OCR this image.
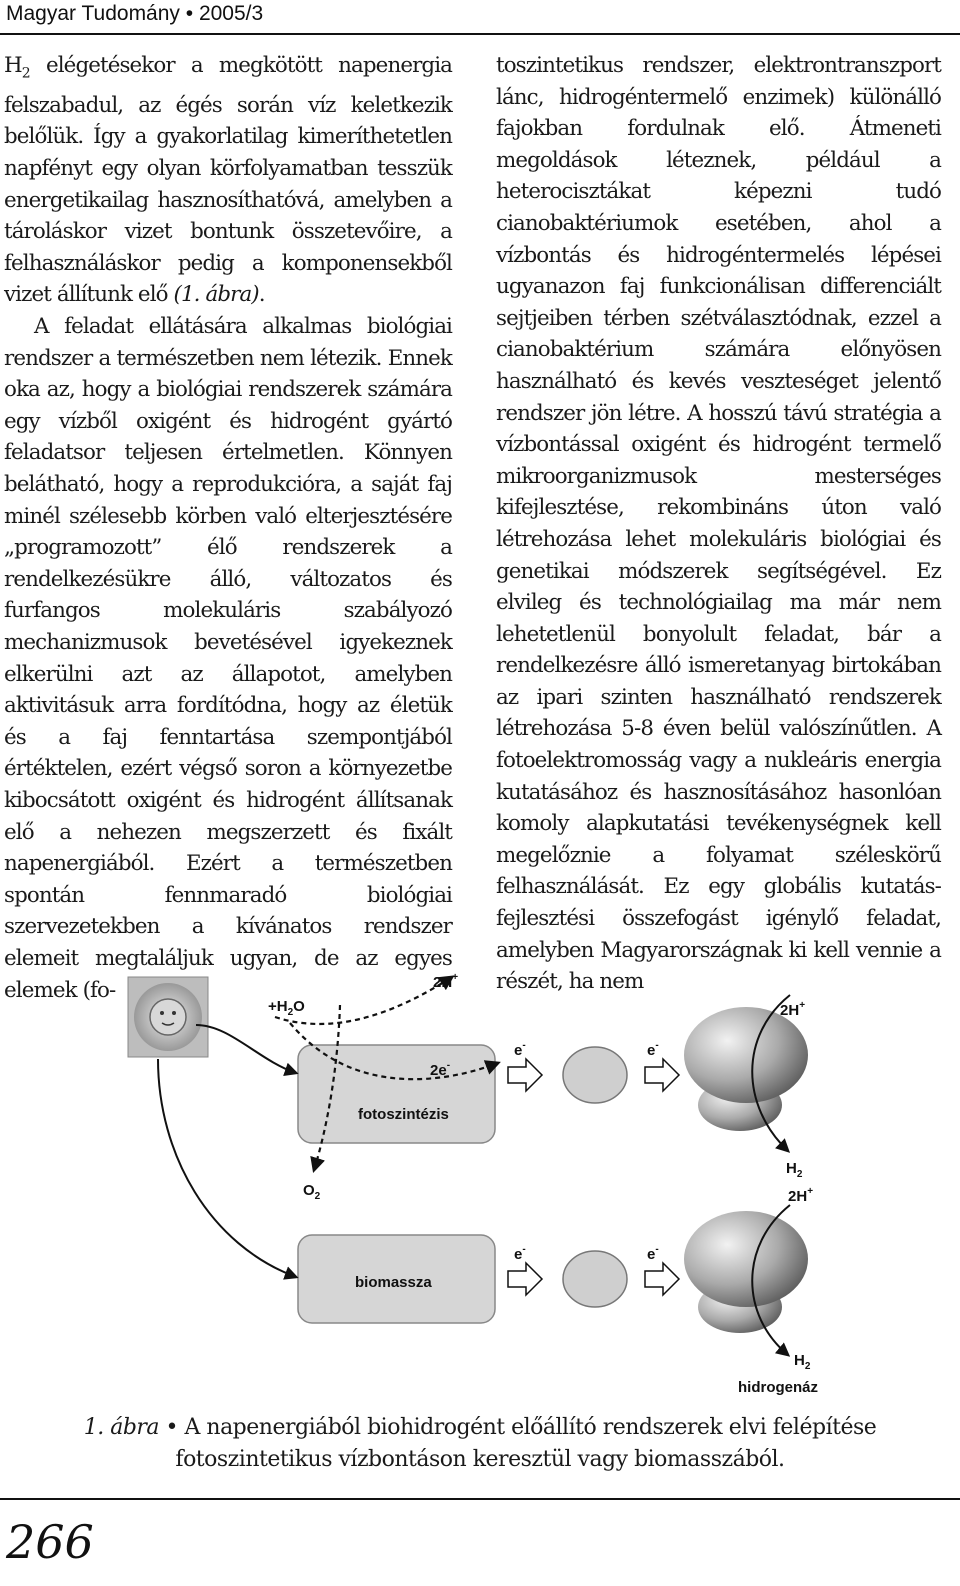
Magyar Tudomány • 2005/3

$H_2$ elégetésekor a megkötött napenergia felszabadul, az égés során víz keletkezik belőlük. Így a gyakorlatilag kimeríthetetlen napfényt egy olyan körfolyamatban tesszük energetikailag hasznosíthatóvá, amelyben a tároláskor vizet bontunk összetevőire, a felhasználáskor pedig a komponensekből vizet állítunk elő (1. ábra).

A feladat ellátására alkalmas biológiai rendszer a természetben nem létezik. Ennek oka az, hogy a biológiai rendszerek számára egy vízből oxigént és hidrogént gyártó feladatsor teljesen értelmetlen. Könnyen belátható, hogy a reprodukcióra, a saját faj minél szélesebb körben való elterjesztésére „programozott” élő rendszerek a rendelkezésükre álló, változatos és furfangos molekuláris szabályozó mechanizmusok bevetésével igyekeznek elkerülni azt az állapotot, amelyben aktivitásuk arra fordítódna, hogy az életük és a faj fenntartása szempontjából értéktelen, ezért végső soron a környezetbe kibocsátott oxigént és hidrogént állítsanak elő a nehezen megszerzett és fixált napenergiából. Ezért a természetben spontán fennmaradó biológiai szervezetekben a kívánatos rendszer elemeit megtaláljuk ugyan, de az egyes elemek (fo-

toszintetikus rendszer, elektrontranszport lánc, hidrogéntermelő enzimek) különálló fajokban fordulnak elő. Átmeneti megoldások léteznek, például a heterocisztákat képezni tudó cianobaktériumok esetében, ahol a vízbontás és hidrogéntermelés lépései ugyanazon faj funkcionálisan differenciált sejtjeiben térben szétválasztódnak, ezzel a cianobaktérium számára előnyösen használható és kevés veszteséget jelentő rendszer jön létre. A hosszú távú stratégia a vízbontással oxigént és hidrogént termelő mikroorganizmusok mesterséges kifejlesztése, rekombináns úton való létrehozása lehet molekuláris biológiai és genetikai módszerek segítségével. Ez elvileg és technológiailag ma már nem lehetetlenül bonyolult feladat, bár a rendelkezésre álló ismeretanyag birtokában az ipari szinten használható rendszerek létrehozása 5-8 éven belül valószínűtlen. A fotoelektromosság vagy a nukleáris energia kutatásához és hasznosításához hasonlóan komoly alapkutatási tevékenységnek kell megelőznie a folyamat széleskörű felhasználását. Ez egy globális kutatás-fejlesztési összefogást igénylő feladat, amelyben Magyarországnak ki kell vennie a részét, ha nem

fotoszintézis
biomassza
$+H_2O$
2H+
2e-
$O_2$
e-	e-
2H+
$H_2$
e-	e-
2H+
$H_2$
hidrogenáz
1. ábra • A napenergiából biohidrogént előállító rendszerek elvi felépítése fotoszintetikus vízbontáson keresztül vagy biomasszából.
266
